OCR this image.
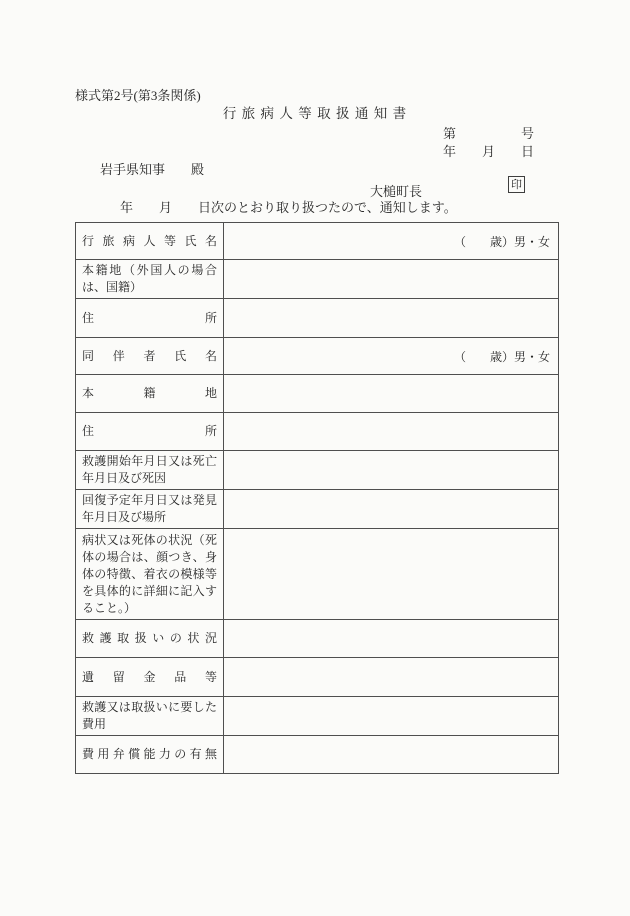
様式第2号(第3条関係)
行 旅 病 人 等 取 扱 通 知 書
第　　　　　号
年　　月　　日
岩手県知事　　殿
大槌町長	印
年　　月　　日次のとおり取り扱つたので、通知します。
行 旅 病 人 等 氏 名	（　　歳）男・女
本籍地（外国人の場合は、国籍）	
住　　　　　　　　所	
同　伴　者　氏　名	（　　歳）男・女
本　　　籍　　　地	
住　　　　　　　　所	
救護開始年月日又は死亡年月日及び死因	
回復予定年月日又は発見年月日及び場所	
病状又は死体の状況（死体の場合は、顔つき、身体の特徴、着衣の模様等を具体的に詳細に記入すること。）	
救 護 取 扱 い の 状 況	
遺　留　金　品　等	
救護又は取扱いに要した費用	
費 用 弁 償 能 力 の 有 無	
